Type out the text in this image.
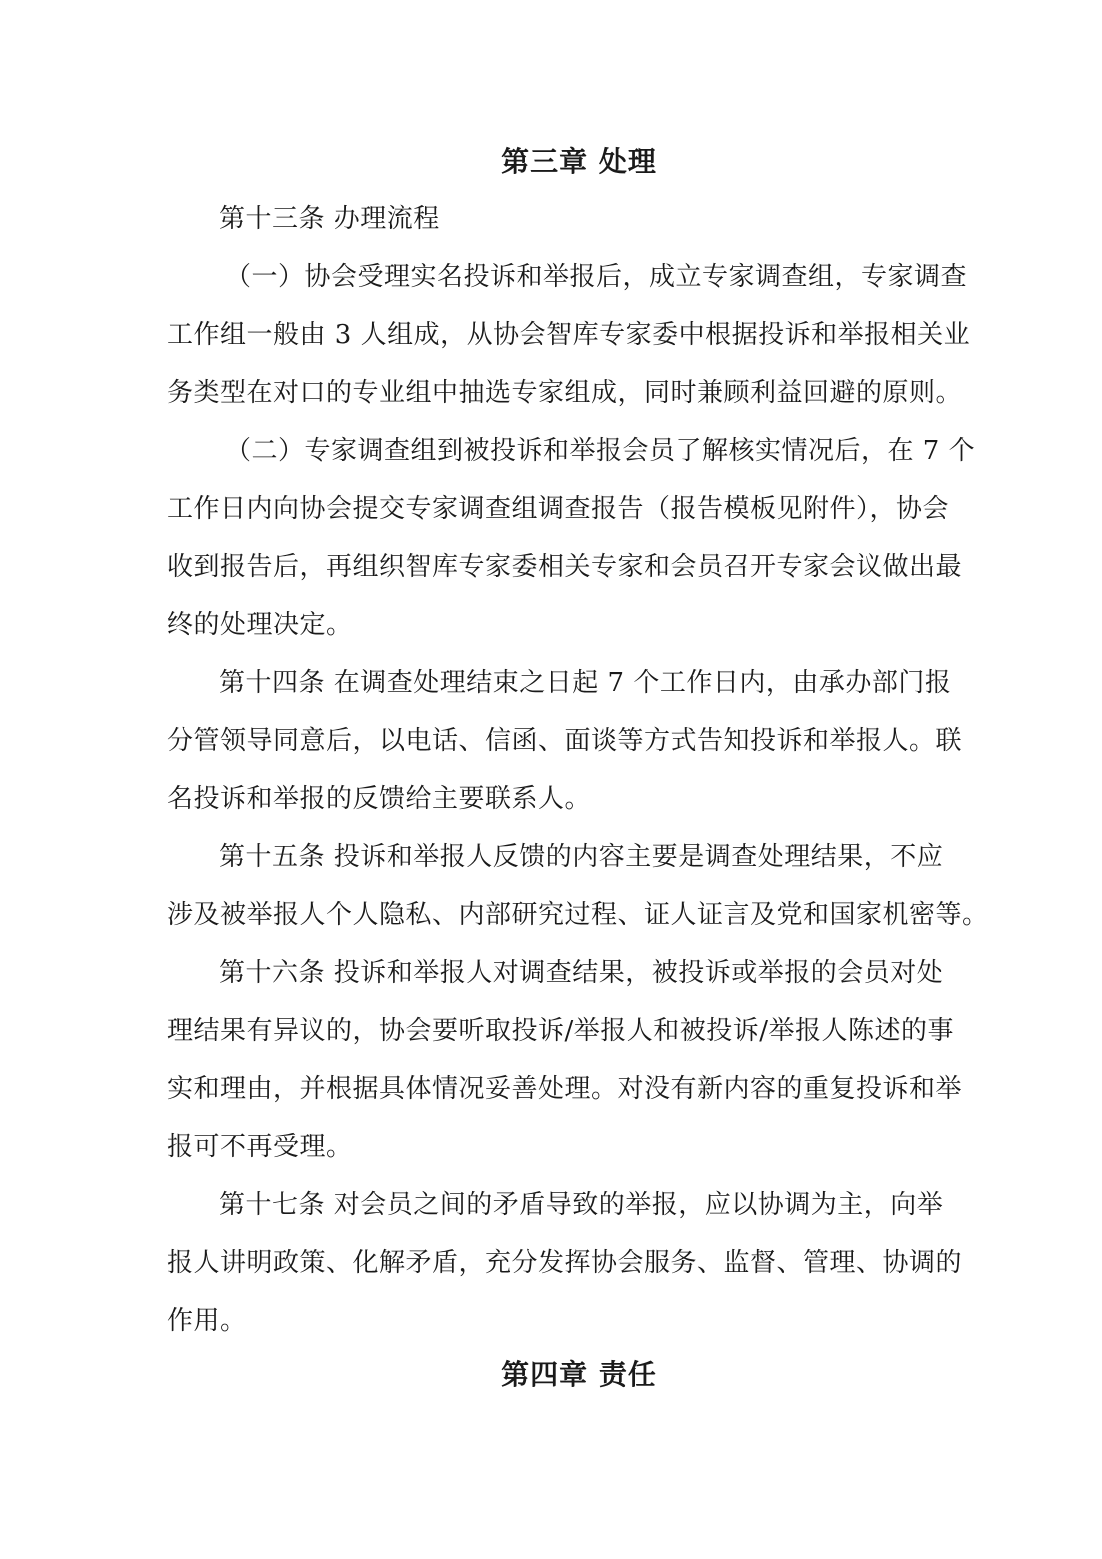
第三章 处理
第十三条 办理流程
（一）协会受理实名投诉和举报后，成立专家调查组，专家调查
工作组一般由 3 人组成，从协会智库专家委中根据投诉和举报相关业
务类型在对口的专业组中抽选专家组成，同时兼顾利益回避的原则。
（二）专家调查组到被投诉和举报会员了解核实情况后，在 7 个
工作日内向协会提交专家调查组调查报告（报告模板见附件），协会
收到报告后，再组织智库专家委相关专家和会员召开专家会议做出最
终的处理决定。
第十四条 在调查处理结束之日起 7 个工作日内，由承办部门报
分管领导同意后，以电话、信函、面谈等方式告知投诉和举报人。联
名投诉和举报的反馈给主要联系人。
第十五条 投诉和举报人反馈的内容主要是调查处理结果，不应
涉及被举报人个人隐私、内部研究过程、证人证言及党和国家机密等。
第十六条 投诉和举报人对调查结果，被投诉或举报的会员对处
理结果有异议的，协会要听取投诉/举报人和被投诉/举报人陈述的事
实和理由，并根据具体情况妥善处理。对没有新内容的重复投诉和举
报可不再受理。
第十七条 对会员之间的矛盾导致的举报，应以协调为主，向举
报人讲明政策、化解矛盾，充分发挥协会服务、监督、管理、协调的
作用。
第四章 责任
